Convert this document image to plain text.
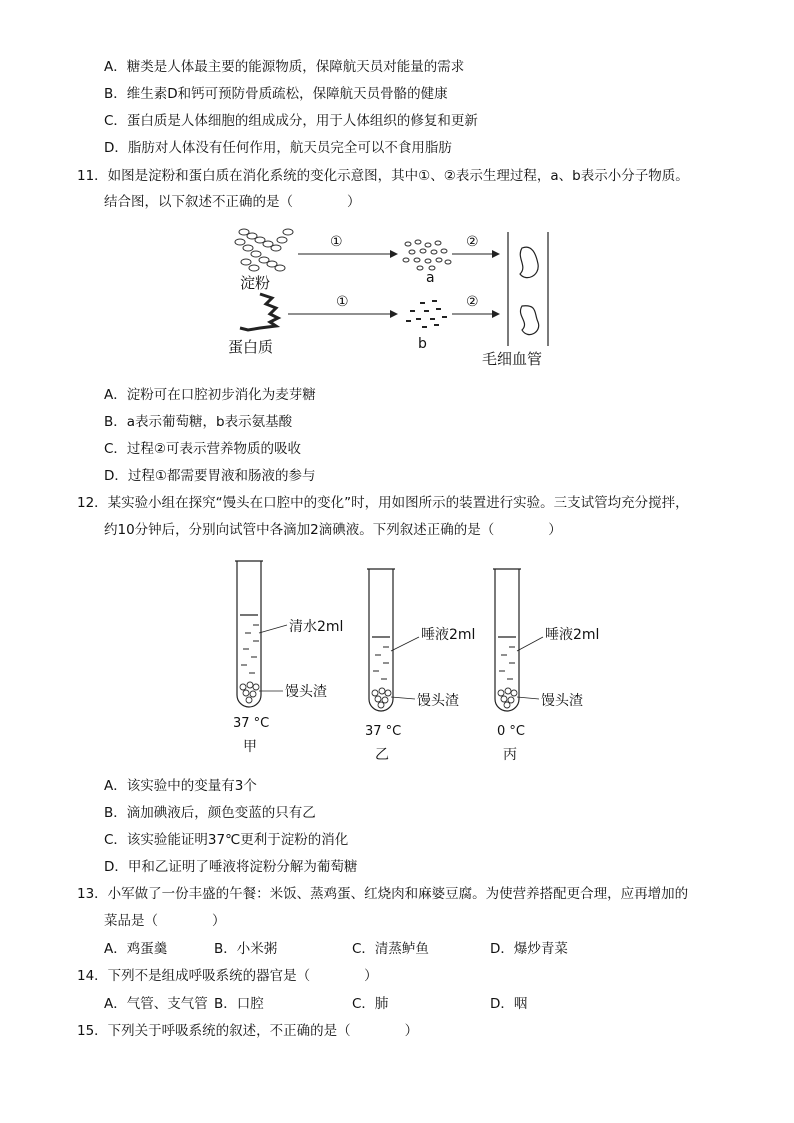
A．糖类是人体最主要的能源物质，保障航天员对能量的需求
B．维生素D和钙可预防骨质疏松，保障航天员骨骼的健康
C．蛋白质是人体细胞的组成成分，用于人体组织的修复和更新
D．脂肪对人体没有任何作用，航天员完全可以不食用脂肪
11．如图是淀粉和蛋白质在消化系统的变化示意图，其中①、②表示生理过程，a、b表示小分子物质。
结合图，以下叙述不正确的是（　　　　）
淀粉
蛋白质
①
a
②
①
b
②
毛细血管
A．淀粉可在口腔初步消化为麦芽糖
B．a表示葡萄糖，b表示氨基酸
C．过程②可表示营养物质的吸收
D．过程①都需要胃液和肠液的参与
12．某实验小组在探究“馒头在口腔中的变化”时，用如图所示的装置进行实验。三支试管均充分搅拌，
约10分钟后，分别向试管中各滴加2滴碘液。下列叙述正确的是（　　　　）
清水2ml
馒头渣
37 °C
甲
唾液2ml
馒头渣
37 °C
乙
唾液2ml
馒头渣
0 °C
丙
A．该实验中的变量有3个
B．滴加碘液后，颜色变蓝的只有乙
C．该实验能证明37℃更利于淀粉的消化
D．甲和乙证明了唾液将淀粉分解为葡萄糖
13．小军做了一份丰盛的午餐：米饭、蒸鸡蛋、红烧肉和麻婆豆腐。为使营养搭配更合理，应再增加的
菜品是（　　　　）
A．鸡蛋羹	B．小米粥	C．清蒸鲈鱼	D．爆炒青菜
14．下列不是组成呼吸系统的器官是（　　　　）
A．气管、支气管 B．口腔	C．肺	D．咽
15．下列关于呼吸系统的叙述，不正确的是（　　　　）
